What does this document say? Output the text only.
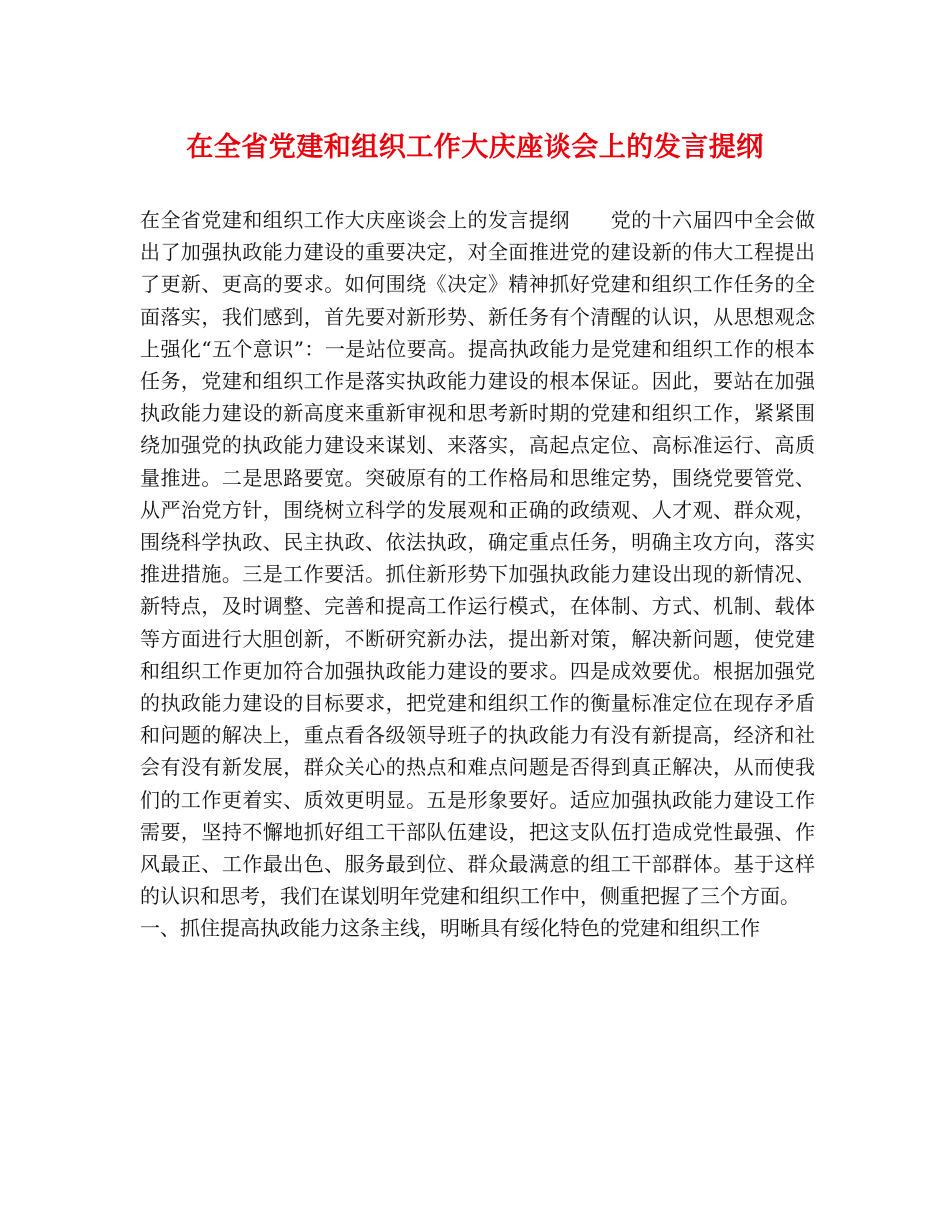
在全省党建和组织工作大庆座谈会上的发言提纲

在全省党建和组织工作大庆座谈会上的发言提纲　　党的十六届四中全会做出了加强执政能力建设的重要决定，对全面推进党的建设新的伟大工程提出了更新、更高的要求。如何围绕《决定》精神抓好党建和组织工作任务的全面落实，我们感到，首先要对新形势、新任务有个清醒的认识，从思想观念上强化“五个意识”：一是站位要高。提高执政能力是党建和组织工作的根本任务，党建和组织工作是落实执政能力建设的根本保证。因此，要站在加强执政能力建设的新高度来重新审视和思考新时期的党建和组织工作，紧紧围绕加强党的执政能力建设来谋划、来落实，高起点定位、高标准运行、高质量推进。二是思路要宽。突破原有的工作格局和思维定势，围绕党要管党、从严治党方针，围绕树立科学的发展观和正确的政绩观、人才观、群众观，围绕科学执政、民主执政、依法执政，确定重点任务，明确主攻方向，落实推进措施。三是工作要活。抓住新形势下加强执政能力建设出现的新情况、新特点，及时调整、完善和提高工作运行模式，在体制、方式、机制、载体等方面进行大胆创新，不断研究新办法，提出新对策，解决新问题，使党建和组织工作更加符合加强执政能力建设的要求。四是成效要优。根据加强党的执政能力建设的目标要求，把党建和组织工作的衡量标准定位在现存矛盾和问题的解决上，重点看各级领导班子的执政能力有没有新提高，经济和社会有没有新发展，群众关心的热点和难点问题是否得到真正解决，从而使我们的工作更着实、质效更明显。五是形象要好。适应加强执政能力建设工作需要，坚持不懈地抓好组工干部队伍建设，把这支队伍打造成党性最强、作风最正、工作最出色、服务最到位、群众最满意的组工干部群体。基于这样的认识和思考，我们在谋划明年党建和组织工作中，侧重把握了三个方面。

一、抓住提高执政能力这条主线，明晰具有绥化特色的党建和组织工作
